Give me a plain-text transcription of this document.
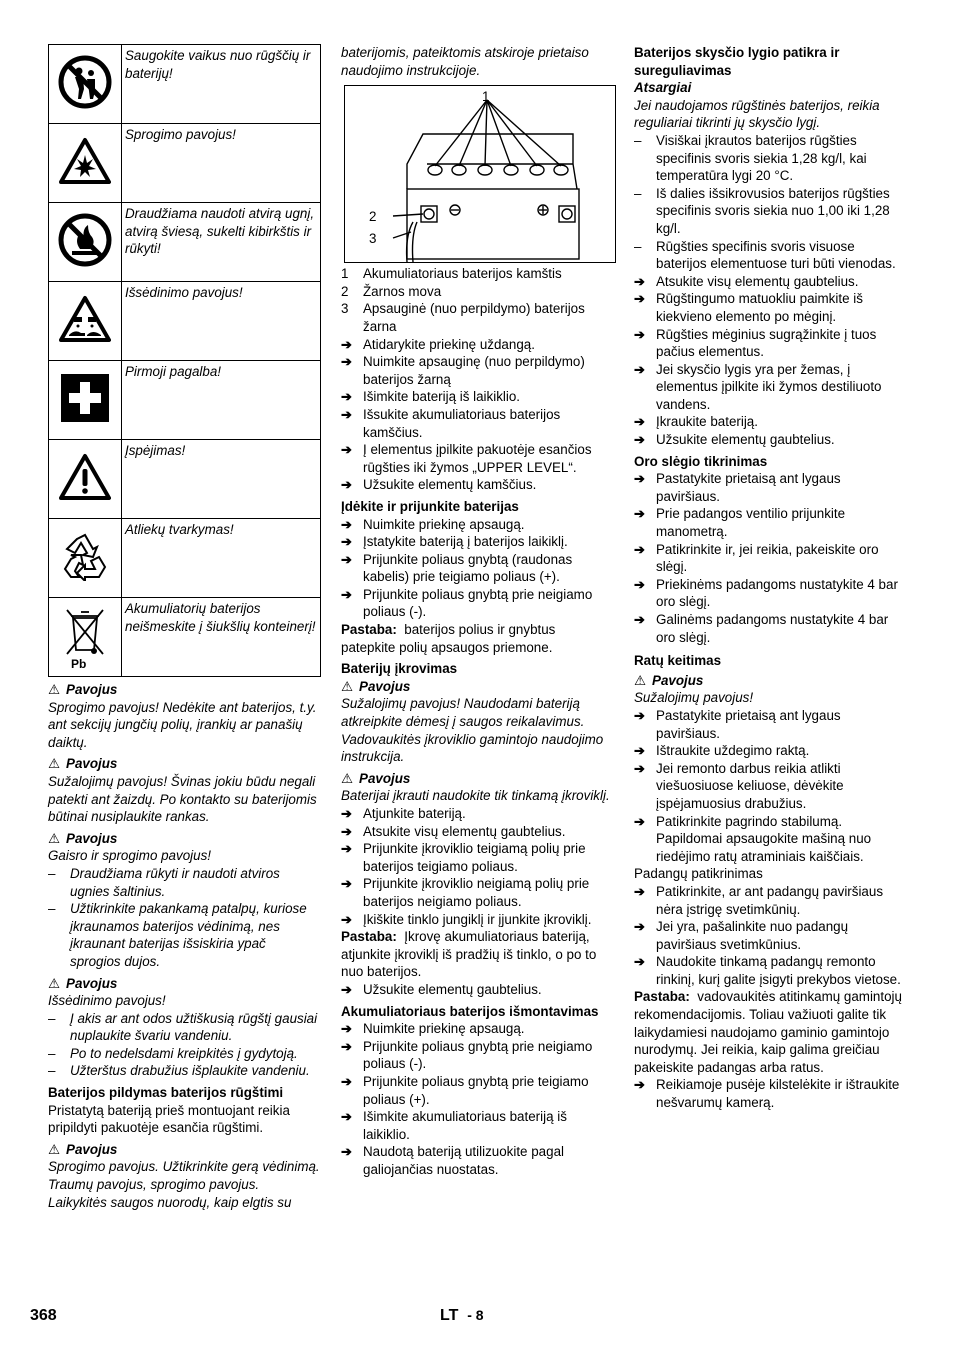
	Saugokite vaikus nuo rūgščių ir baterijų!
	Sprogimo pavojus!
	Draudžiama naudoti atvirą ugnį, atvirą šviesą, sukelti kibirkštis ir rūkyti!
	Išsėdinimo pavojus!
	Pirmoji pagalba!
	Įspėjimas!
	Atliekų tvarkymas!

Pb	Akumuliatorių baterijos neišmeskite į šiukšlių konteinerį!

⚠ Pavojus

Sprogimo pavojus! Nedėkite ant baterijos, t.y. ant sekcijų jungčių polių, įrankių ar panašių daiktų.

⚠ Pavojus

Sužalojimų pavojus! Švinas jokiu būdu negali patekti ant žaizdų. Po kontakto su baterijomis būtinai nusiplaukite rankas.

⚠ Pavojus

Gaisro ir sprogimo pavojus!

– Draudžiama rūkyti ir naudoti atviros ugnies šaltinius.

– Užtikrinkite pakankamą patalpų, kuriose įkraunamos baterijos vėdinimą, nes įkraunant baterijas išsiskiria ypač sprogios dujos.

⚠ Pavojus

Išsėdinimo pavojus!

– Į akis ar ant odos užtiškusią rūgštį gausiai nuplaukite švariu vandeniu.

– Po to nedelsdami kreipkitės į gydytoją.

– Užterštus drabužius išplaukite vandeniu.

Baterijos pildymas baterijos rūgštimi

Pristatytą bateriją prieš montuojant reikia pripildyti pakuotėje esančia rūgštimi.

⚠ Pavojus

Sprogimo pavojus. Užtikrinkite gerą vėdinimą.

Traumų pavojus, sprogimo pavojus. Laikykitės saugos nuorodų, kaip elgtis su

baterijomis, pateiktomis atskiroje prietaiso naudojimo instrukcijoje.

1
2
3

1 Akumuliatoriaus baterijos kamštis

2 Žarnos mova

3 Apsauginė (nuo perpildymo) baterijos žarna

➔ Atidarykite priekinę uždangą.

➔ Nuimkite apsauginę (nuo perpildymo) baterijos žarną

➔ Išimkite bateriją iš laikiklio.

➔ Išsukite akumuliatoriaus baterijos kamščius.

➔ Į elementus įpilkite pakuotėje esančios rūgšties iki žymos „UPPER LEVEL“.

➔ Užsukite elementų kamščius.

Įdėkite ir prijunkite baterijas

➔ Nuimkite priekinę apsaugą.

➔ Įstatykite bateriją į baterijos laikiklį.

➔ Prijunkite poliaus gnybtą (raudonas kabelis) prie teigiamo poliaus (+).

➔ Prijunkite poliaus gnybtą prie neigiamo poliaus (-).

Pastaba: baterijos polius ir gnybtus patepkite polių apsaugos priemone.

Baterijų įkrovimas

⚠ Pavojus

Sužalojimų pavojus! Naudodami bateriją atkreipkite dėmesį į saugos reikalavimus. Vadovaukitės įkroviklio gamintojo naudojimo instrukcija.

⚠ Pavojus

Baterijai įkrauti naudokite tik tinkamą įkroviklį.

➔ Atjunkite bateriją.

➔ Atsukite visų elementų gaubtelius.

➔ Prijunkite įkroviklio teigiamą polių prie baterijos teigiamo poliaus.

➔ Prijunkite įkroviklio neigiamą polių prie baterijos neigiamo poliaus.

➔ Įkiškite tinklo jungiklį ir įjunkite įkroviklį.

Pastaba: Įkrovę akumuliatoriaus bateriją, atjunkite įkroviklį iš pradžių iš tinklo, o po to nuo baterijos.

➔ Užsukite elementų gaubtelius.

Akumuliatoriaus baterijos išmontavimas

➔ Nuimkite priekinę apsaugą.

➔ Prijunkite poliaus gnybtą prie neigiamo poliaus (-).

➔ Prijunkite poliaus gnybtą prie teigiamo poliaus (+).

➔ Išimkite akumuliatoriaus bateriją iš laikiklio.

➔ Naudotą bateriją utilizuokite pagal galiojančias nuostatas.

Baterijos skysčio lygio patikra ir sureguliavimas

Atsargiai

Jei naudojamos rūgštinės baterijos, reikia reguliariai tikrinti jų skysčio lygį.

– Visiškai įkrautos baterijos rūgšties specifinis svoris siekia 1,28 kg/l, kai temperatūra lygi 20 °C.

– Iš dalies išsikrovusios baterijos rūgšties specifinis svoris siekia nuo 1,00 iki 1,28 kg/l.

– Rūgšties specifinis svoris visuose baterijos elementuose turi būti vienodas.

➔ Atsukite visų elementų gaubtelius.

➔ Rūgštingumo matuokliu paimkite iš kiekvieno elemento po mėginį.

➔ Rūgšties mėginius sugrąžinkite į tuos pačius elementus.

➔ Jei skysčio lygis yra per žemas, į elementus įpilkite iki žymos destiliuoto vandens.

➔ Įkraukite bateriją.

➔ Užsukite elementų gaubtelius.

Oro slėgio tikrinimas

➔ Pastatykite prietaisą ant lygaus paviršiaus.

➔ Prie padangos ventilio prijunkite manometrą.

➔ Patikrinkite ir, jei reikia, pakeiskite oro slėgį.

➔ Priekinėms padangoms nustatykite 4 bar oro slėgį.

➔ Galinėms padangoms nustatykite 4 bar oro slėgį.

Ratų keitimas

⚠ Pavojus

Sužalojimų pavojus!

➔ Pastatykite prietaisą ant lygaus paviršiaus.

➔ Ištraukite uždegimo raktą.

➔ Jei remonto darbus reikia atlikti viešuosiuose keliuose, dėvėkite įspėjamuosius drabužius.

➔ Patikrinkite pagrindo stabilumą. Papildomai apsaugokite mašiną nuo riedėjimo ratų atraminiais kaiščiais.

Padangų patikrinimas

➔ Patikrinkite, ar ant padangų paviršiaus nėra įstrigę svetimkūnių.

➔ Jei yra, pašalinkite nuo padangų paviršiaus svetimkūnius.

➔ Naudokite tinkamą padangų remonto rinkinį, kurį galite įsigyti prekybos vietose.

Pastaba: vadovaukitės atitinkamų gamintojų rekomendacijomis. Toliau važiuoti galite tik laikydamiesi naudojamo gaminio gamintojo nurodymų. Jei reikia, kaip galima greičiau pakeiskite padangas arba ratus.

➔ Reikiamoje pusėje kilstelėkite ir ištraukite nešvarumų kamerą.

368	LT - 8
